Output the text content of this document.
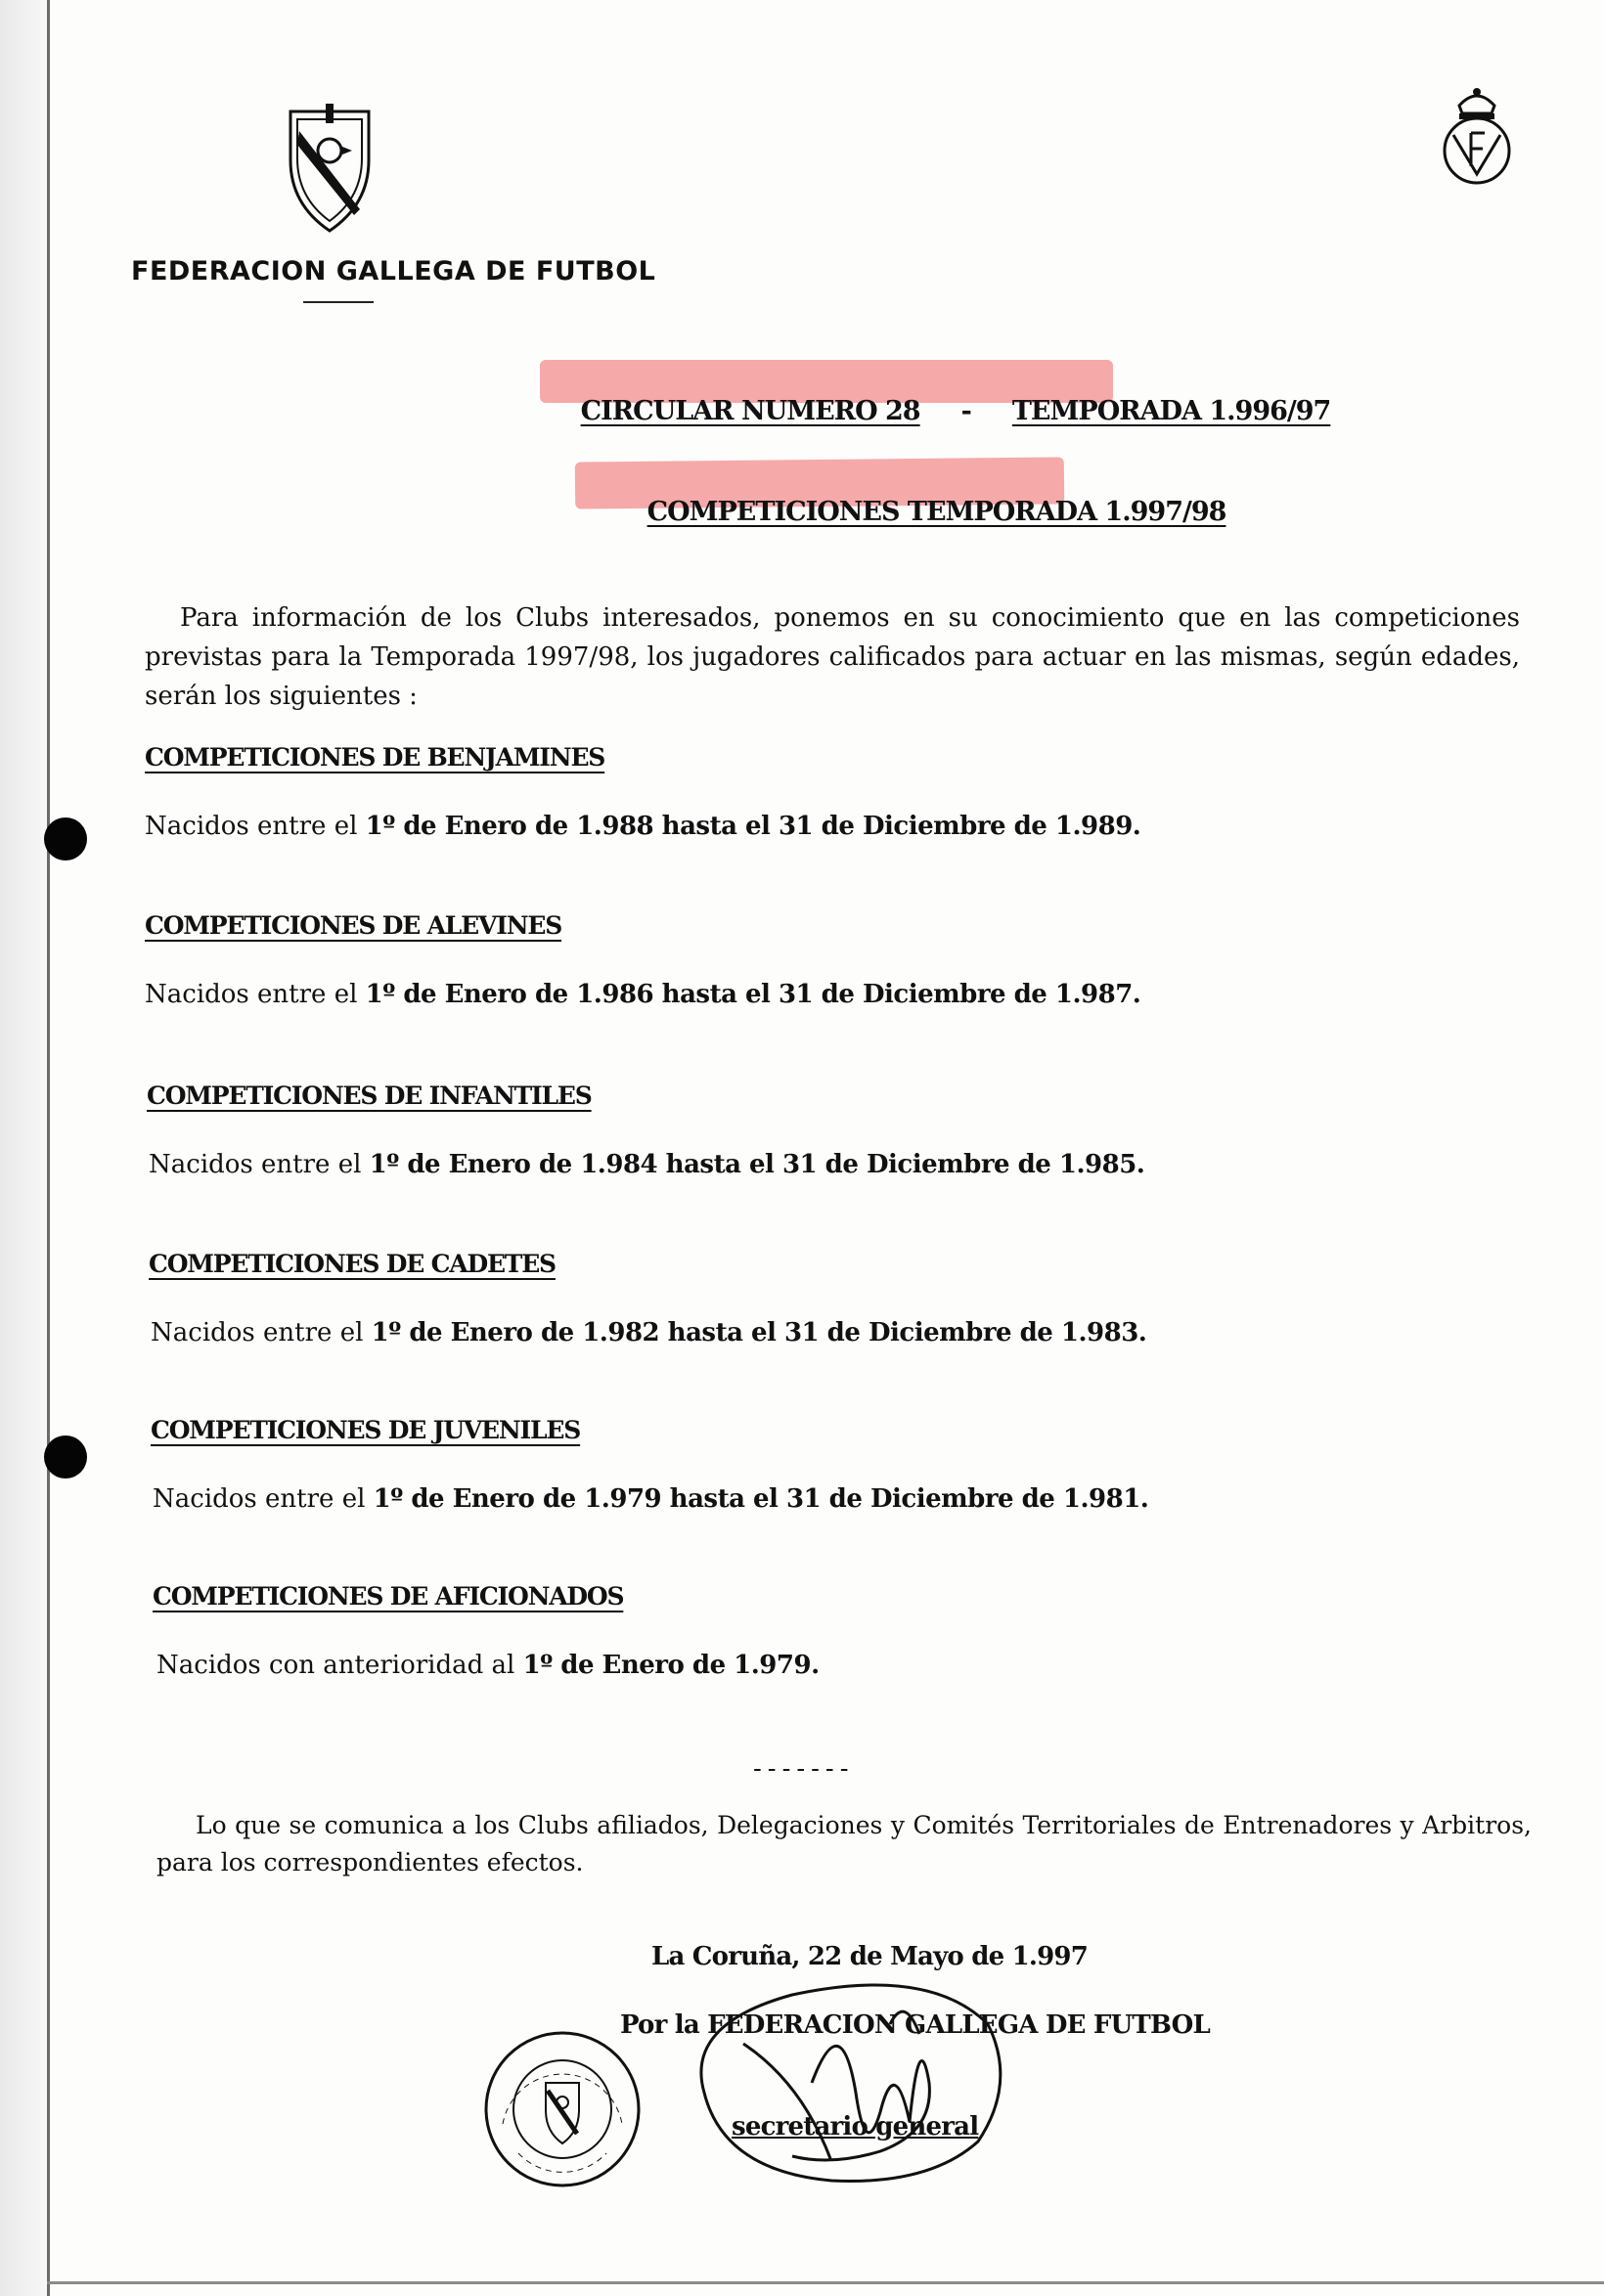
FEDERACION GALLEGA DE FUTBOL

CIRCULAR NUMERO 28 - TEMPORADA 1.996/97

COMPETICIONES TEMPORADA 1.997/98

Para información de los Clubs interesados, ponemos en su conocimiento que en las competiciones previstas para la Temporada 1997/98, los jugadores calificados para actuar en las mismas, según edades, serán los siguientes :
COMPETICIONES DE BENJAMINES
Nacidos entre el 1º de Enero de 1.988 hasta el 31 de Diciembre de 1.989.
COMPETICIONES DE ALEVINES
Nacidos entre el 1º de Enero de 1.986 hasta el 31 de Diciembre de 1.987.
COMPETICIONES DE INFANTILES
Nacidos entre el 1º de Enero de 1.984 hasta el 31 de Diciembre de 1.985.
COMPETICIONES DE CADETES
Nacidos entre el 1º de Enero de 1.982 hasta el 31 de Diciembre de 1.983.
COMPETICIONES DE JUVENILES
Nacidos entre el 1º de Enero de 1.979 hasta el 31 de Diciembre de 1.981.
COMPETICIONES DE AFICIONADOS
Nacidos con anterioridad al 1º de Enero de 1.979.
-------
Lo que se comunica a los Clubs afiliados, Delegaciones y Comités Territoriales de Entrenadores y Arbitros, para los correspondientes efectos.
La Coruña, 22 de Mayo de 1.997
Por la FEDERACION GALLEGA DE FUTBOL
secretario general
